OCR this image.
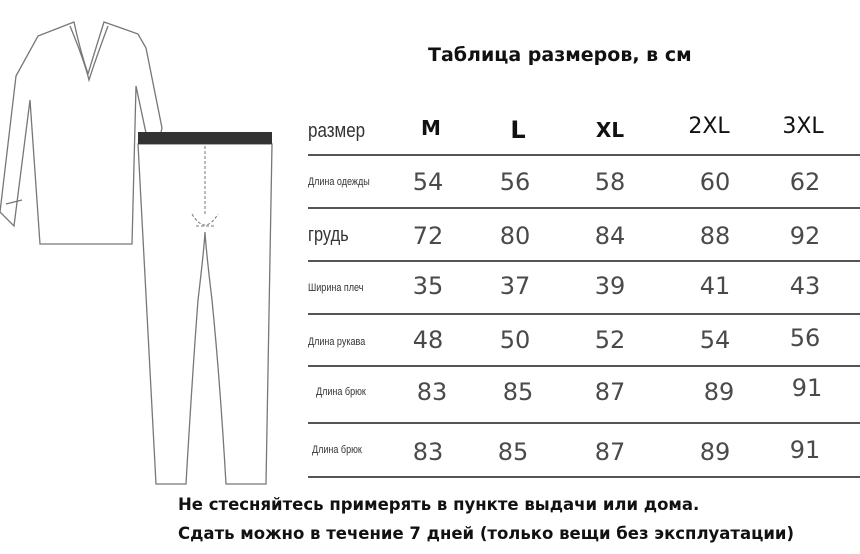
Таблица размеров, в см
размер	M	L	XL	2XL	3XL
Длина одежды	54	56	58	60	62
грудь	72	80	84	88	92
Ширина плеч	35	37	39	41	43
Длина рукава	48	50	52	54	56
Длина брюк	83	85	87	89	91
Длина брюк	83	85	87	89	91
Не стесняйтесь примерять в пункте выдачи или дома.
Сдать можно в течение 7 дней (только вещи без эксплуатации)
